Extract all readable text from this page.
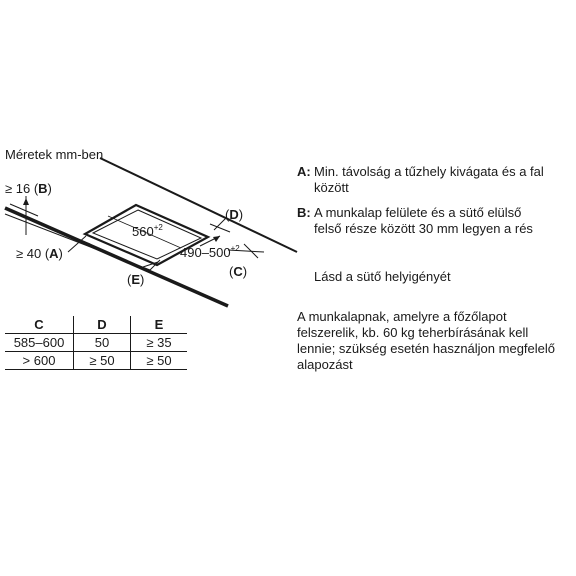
Méretek mm-ben
≥ 16 (B)
≥ 40 (A)
$560^{+2}$
$490-500^{+2}$
(D)
(C)
(E)
C	D	E
585–600	50	≥ 35
> 600	≥ 50	≥ 50
A: Min. távolság a tűzhely kivágata és a fal
között
B: A munkalap felülete és a sütő elülső
felső része között 30 mm legyen a rés
Lásd a sütő helyigényét
A munkalapnak, amelyre a főzőlapot
felszerelik, kb. 60 kg teherbírásának kell
lennie; szükség esetén használjon megfelelő
alapozást
